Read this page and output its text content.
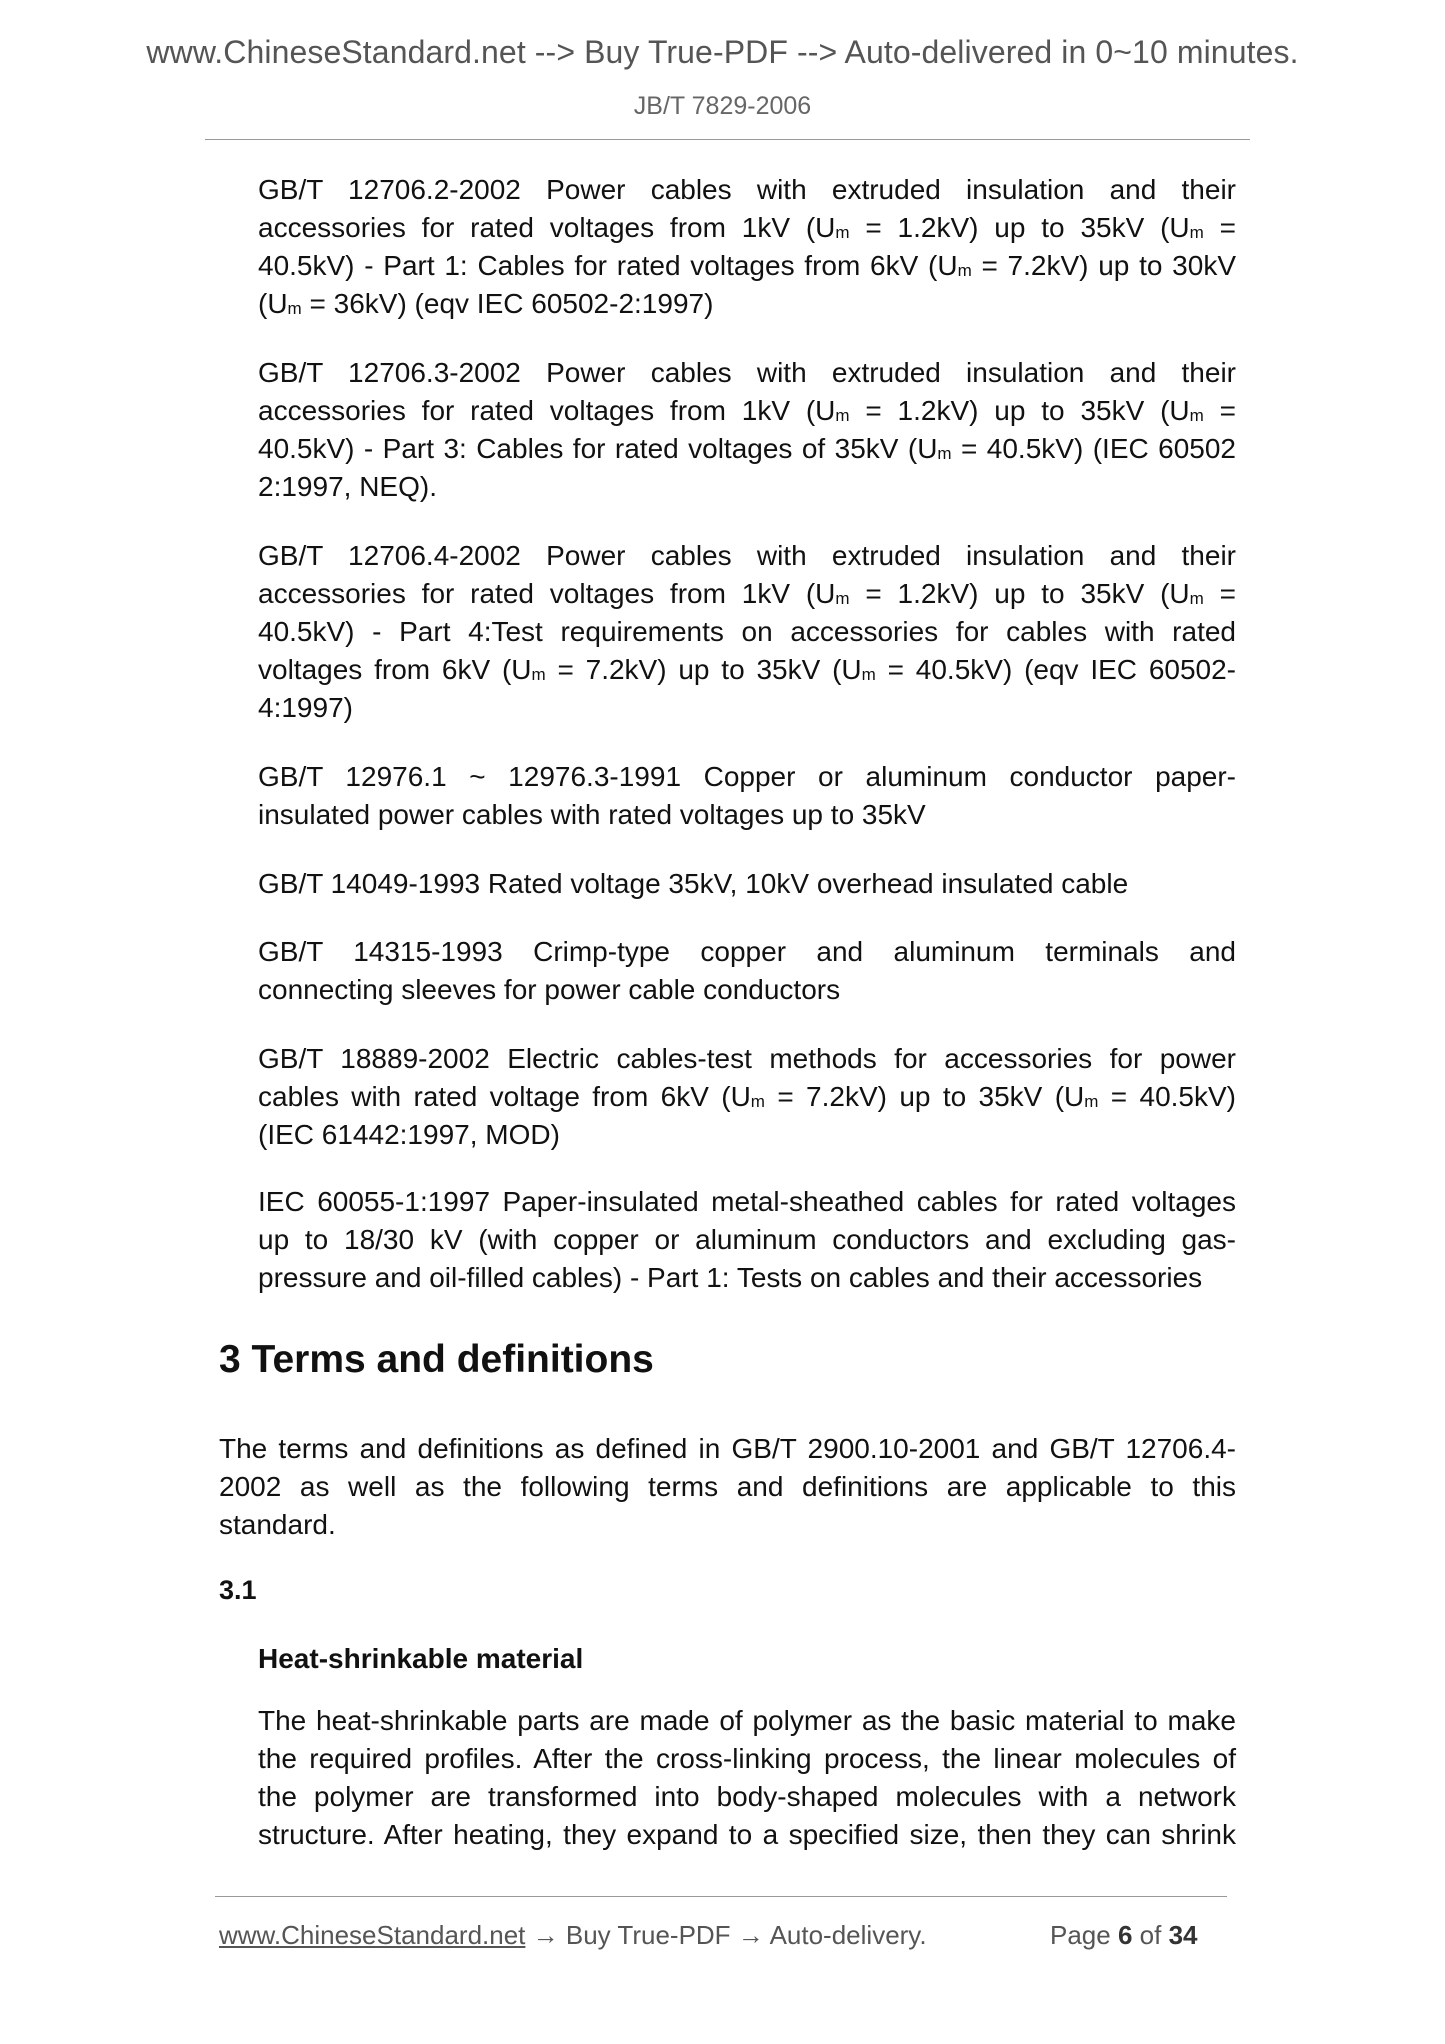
www.ChineseStandard.net --> Buy True-PDF --> Auto-delivered in 0~10 minutes.
JB/T 7829-2006
GB/T 12706.2-2002 Power cables with extruded insulation and their
accessories for rated voltages from 1kV $(U_m = 1.2kV)$ up to 35kV ($U_m$ =
40.5kV) - Part 1: Cables for rated voltages from 6kV $(U_m = 7.2kV)$ up to 30kV
$(U_m = 36kV)$ (eqv IEC 60502-2:1997)
GB/T 12706.3-2002 Power cables with extruded insulation and their
accessories for rated voltages from 1kV $(U_m = 1.2kV)$ up to 35kV ($U_m$ =
40.5kV) - Part 3: Cables for rated voltages of 35kV $(U_m = 40.5kV)$ (IEC 60502
2:1997, NEQ).
GB/T 12706.4-2002 Power cables with extruded insulation and their
accessories for rated voltages from 1kV $(U_m = 1.2kV)$ up to 35kV ($U_m$ =
40.5kV) - Part 4:Test requirements on accessories for cables with rated
voltages from 6kV $(U_m = 7.2kV)$ up to 35kV $(U_m = 40.5kV)$ (eqv IEC 60502-
4:1997)
GB/T 12976.1 ~ 12976.3-1991 Copper or aluminum conductor paper-
insulated power cables with rated voltages up to 35kV
GB/T 14049-1993 Rated voltage 35kV, 10kV overhead insulated cable
GB/T 14315-1993 Crimp-type copper and aluminum terminals and
connecting sleeves for power cable conductors
GB/T 18889-2002 Electric cables-test methods for accessories for power
cables with rated voltage from 6kV $(U_m = 7.2kV)$ up to 35kV $(U_m = 40.5kV)$
(IEC 61442:1997, MOD)
IEC 60055-1:1997 Paper-insulated metal-sheathed cables for rated voltages
up to 18/30 kV (with copper or aluminum conductors and excluding gas-
pressure and oil-filled cables) - Part 1: Tests on cables and their accessories
3 Terms and definitions
The terms and definitions as defined in GB/T 2900.10-2001 and GB/T 12706.4-
2002 as well as the following terms and definitions are applicable to this
standard.
3.1
Heat-shrinkable material
The heat-shrinkable parts are made of polymer as the basic material to make
the required profiles. After the cross-linking process, the linear molecules of
the polymer are transformed into body-shaped molecules with a network
structure. After heating, they expand to a specified size, then they can shrink
www.ChineseStandard.net → Buy True-PDF → Auto-delivery.	Page 6 of 34
